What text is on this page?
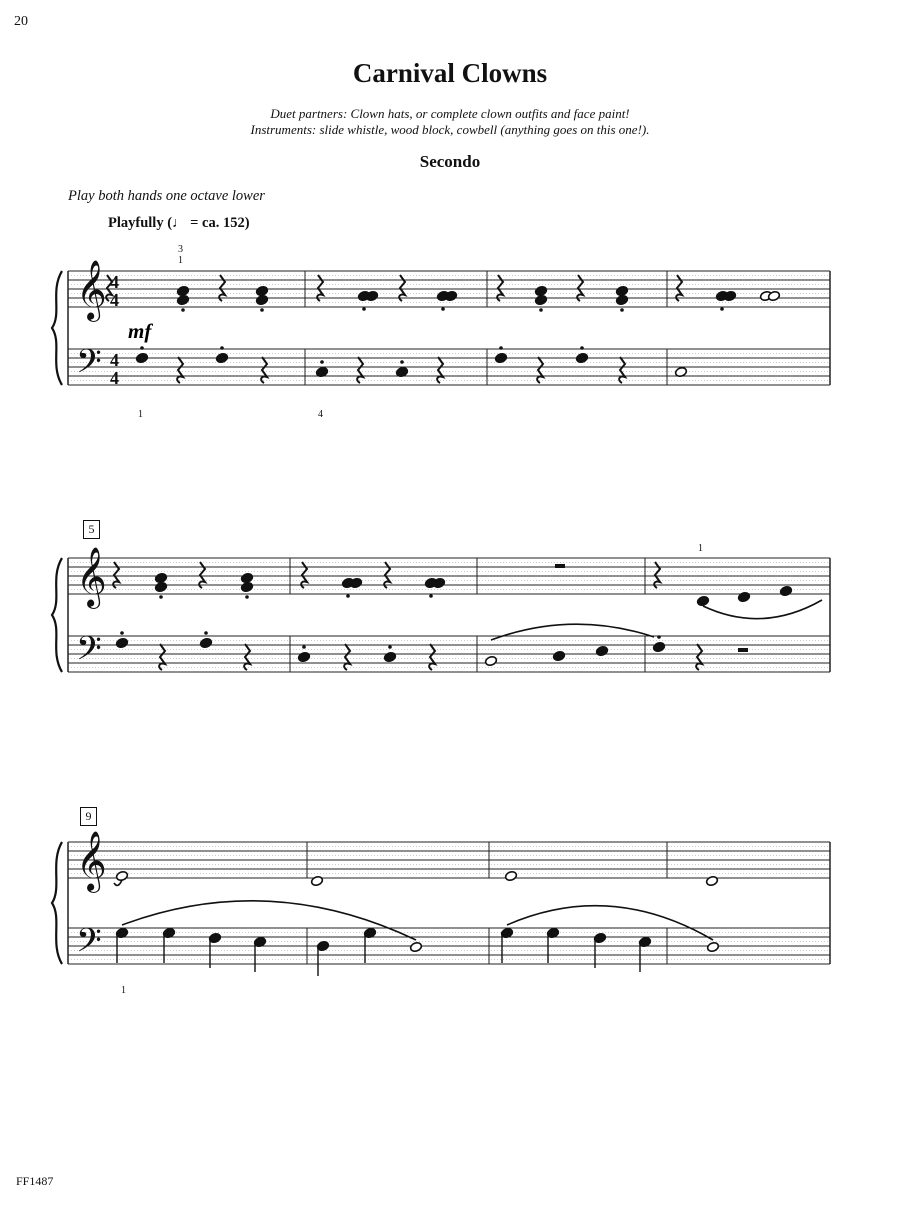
20
Carnival Clowns
Duet partners: Clown hats, or complete clown outfits and face paint!
Instruments: slide whistle, wood block, cowbell (anything goes on this one!).
Secondo
Play both hands one octave lower
Playfully (♩ = ca. 152)
𝄞
𝄢
4
4
4
4
𝄞
𝄢
𝄞
𝄢
mf
5
9
3
1
1	4
1
1
FF1487
